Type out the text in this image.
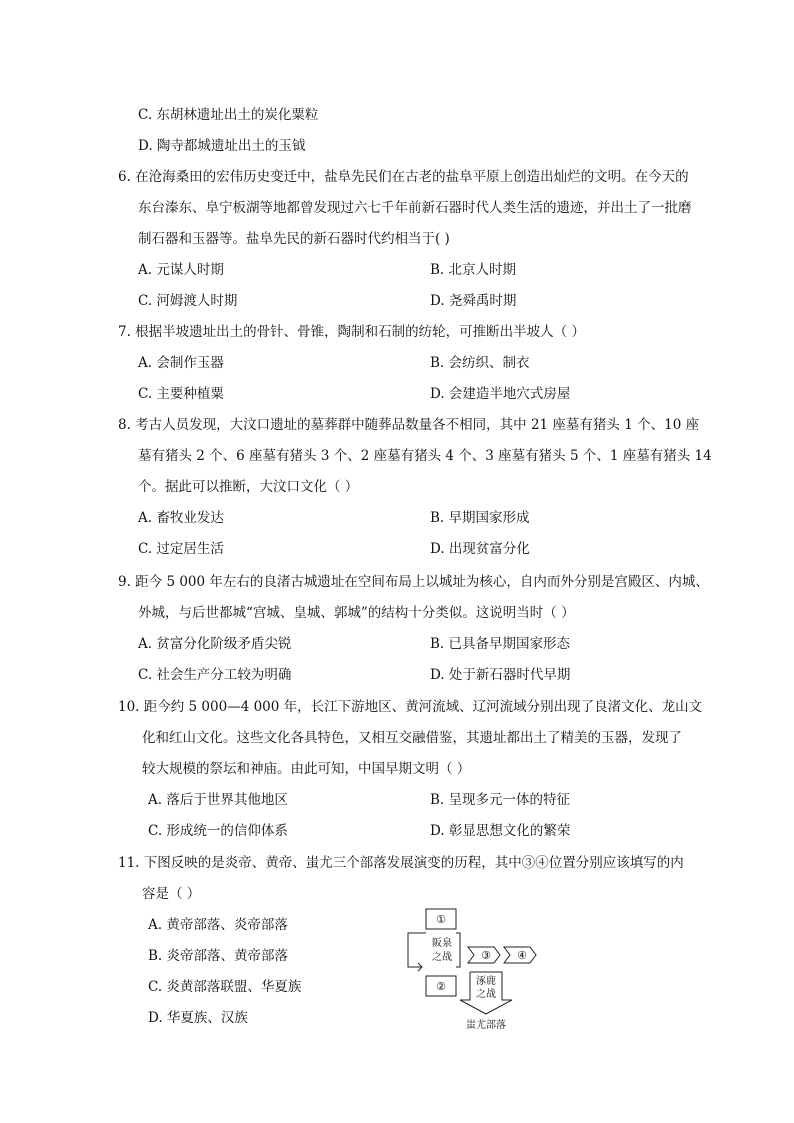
C. 东胡林遗址出土的炭化粟粒
D. 陶寺都城遗址出土的玉钺
6. 在沧海桑田的宏伟历史变迁中，盐阜先民们在古老的盐阜平原上创造出灿烂的文明。在今天的
东台溱东、阜宁板湖等地都曾发现过六七千年前新石器时代人类生活的遗迹，并出土了一批磨
制石器和玉器等。盐阜先民的新石器时代约相当于( )
A. 元谋人时期	B. 北京人时期
C. 河姆渡人时期	D. 尧舜禹时期
7. 根据半坡遗址出土的骨针、骨锥，陶制和石制的纺轮，可推断出半坡人（ ）
A. 会制作玉器	B. 会纺织、制衣
C. 主要种植粟	D. 会建造半地穴式房屋
8. 考古人员发现，大汶口遗址的墓葬群中随葬品数量各不相同，其中 21 座墓有猪头 1 个、10 座
墓有猪头 2 个、6 座墓有猪头 3 个、2 座墓有猪头 4 个、3 座墓有猪头 5 个、1 座墓有猪头 14
个。据此可以推断，大汶口文化（ ）
A. 畜牧业发达	B. 早期国家形成
C. 过定居生活	D. 出现贫富分化
9. 距今 5 000 年左右的良渚古城遗址在空间布局上以城址为核心，自内而外分别是宫殿区、内城、
外城，与后世都城“宫城、皇城、郭城”的结构十分类似。这说明当时（ ）
A. 贫富分化阶级矛盾尖锐	B. 已具备早期国家形态
C. 社会生产分工较为明确	D. 处于新石器时代早期
10. 距今约 5 000—4 000 年，长江下游地区、黄河流域、辽河流域分别出现了良渚文化、龙山文
化和红山文化。这些文化各具特色，又相互交融借鉴，其遗址都出土了精美的玉器，发现了
较大规模的祭坛和神庙。由此可知，中国早期文明（ ）
A. 落后于世界其他地区	B. 呈现多元一体的特征
C. 形成统一的信仰体系	D. 彰显思想文化的繁荣
11. 下图反映的是炎帝、黄帝、蚩尤三个部落发展演变的历程，其中③④位置分别应该填写的内
容是（ ）
A. 黄帝部落、炎帝部落
B. 炎帝部落、黄帝部落
C. 炎黄部落联盟、华夏族
D. 华夏族、汉族
①
②
③ ④
阪泉
之战
涿鹿
之战
蚩尤部落
